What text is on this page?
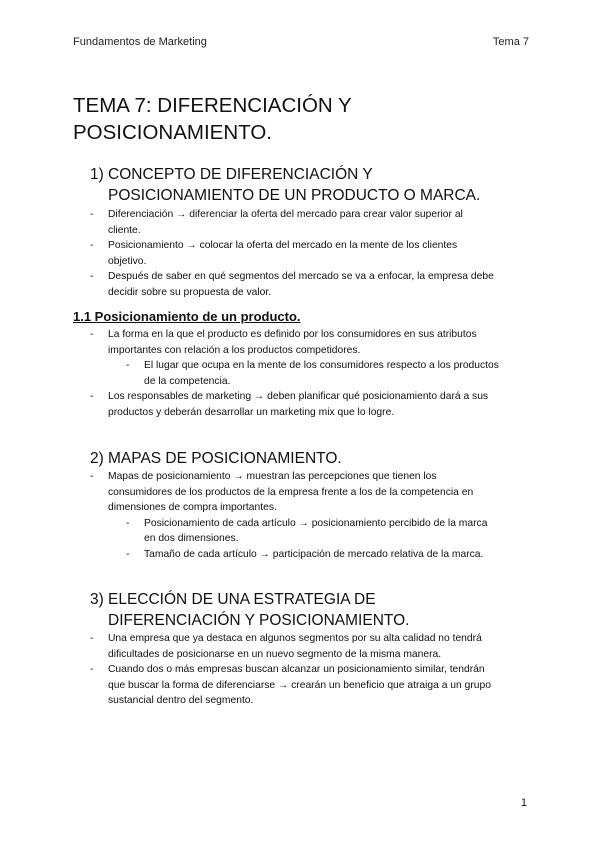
Fundamentos de Marketing	Tema 7
TEMA 7: DIFERENCIACIÓN Y
POSICIONAMIENTO.
1) CONCEPTO DE DIFERENCIACIÓN Y
POSICIONAMIENTO DE UN PRODUCTO O MARCA.
- Diferenciación → diferenciar la oferta del mercado para crear valor superior al
cliente.
- Posicionamiento → colocar la oferta del mercado en la mente de los clientes
objetivo.
- Después de saber en qué segmentos del mercado se va a enfocar, la empresa debe
decidir sobre su propuesta de valor.
1.1 Posicionamiento de un producto.
- La forma en la que el producto es definido por los consumidores en sus atributos
importantes con relación a los productos competidores.
- El lugar que ocupa en la mente de los consumidores respecto a los productos
de la competencia.
- Los responsables de marketing → deben planificar qué posicionamiento dará a sus
productos y deberán desarrollar un marketing mix que lo logre.
2) MAPAS DE POSICIONAMIENTO.
- Mapas de posicionamiento → muestran las percepciones que tienen los
consumidores de los productos de la empresa frente a los de la competencia en
dimensiones de compra importantes.
- Posicionamiento de cada artículo → posicionamiento percibido de la marca
en dos dimensiones.
- Tamaño de cada artículo → participación de mercado relativa de la marca.
3) ELECCIÓN DE UNA ESTRATEGIA DE
DIFERENCIACIÓN Y POSICIONAMIENTO.
- Una empresa que ya destaca en algunos segmentos por su alta calidad no tendrá
dificultades de posicionarse en un nuevo segmento de la misma manera.
- Cuando dos o más empresas buscan alcanzar un posicionamiento similar, tendrán
que buscar la forma de diferenciarse → crearán un beneficio que atraiga a un grupo
sustancial dentro del segmento.
1
